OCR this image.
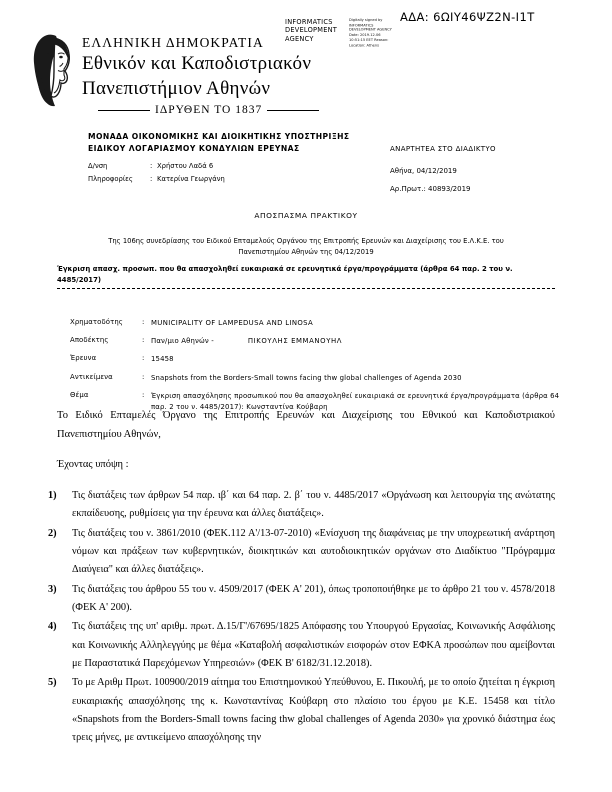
ΑΔΑ: 6ΩΙΥ46ΨΖ2Ν-Ι1Τ
INFORMATICS DEVELOPMENT AGENCY
Digitally signed by INFORMATICS DEVELOPMENT AGENCY Date: 2019.12.06 10:51:15 EET Reason: Location: Athens
ΕΛΛΗΝΙΚΗ ΔΗΜΟΚΡΑΤΙΑ
Εθνικόν και Καποδιστριακόν
Πανεπιστήμιον Αθηνών
ΙΔΡΥΘΕΝ ΤΟ 1837
ΜΟΝΑΔΑ ΟΙΚΟΝΟΜΙΚΗΣ ΚΑΙ ΔΙΟΙΚΗΤΙΚΗΣ ΥΠΟΣΤΗΡΙΞΗΣ
ΕΙΔΙΚΟΥ ΛΟΓΑΡΙΑΣΜΟΥ ΚΟΝΔΥΛΙΩΝ ΕΡΕΥΝΑΣ
Δ/νση	: Χρήστου Λαδά 6
Πληροφορίες	: Κατερίνα Γεωργάνη
ΑΝΑΡΤΗΤΕΑ ΣΤΟ ΔΙΑΔΙΚΤΥΟ
Αθήνα, 04/12/2019
Αρ.Πρωτ.: 40893/2019
ΑΠΟΣΠΑΣΜΑ ΠΡΑΚΤΙΚΟΥ
Της 106ης συνεδρίασης του Ειδικού Επταμελούς Οργάνου της Επιτροπής Ερευνών και Διαχείρισης του Ε.Λ.Κ.Ε. του Πανεπιστημίου Αθηνών της 04/12/2019
Έγκριση απασχ. προσωπ. που θα απασχοληθεί ευκαιριακά σε ερευνητικά έργα/προγράμματα (άρθρα 64 παρ. 2 του ν. 4485/2017)
Χρηματοδότης	: MUNICIPALITY OF LAMPEDUSA AND LINOSA
Αποδέκτης	: Παν/μιο Αθηνών -	ΠΙΚΟΥΛΗΣ ΕΜΜΑΝΟΥΗΛ
Έρευνα	: 15458
Αντικείμενα	: Snapshots from the Borders-Small towns facing thw global challenges of Agenda 2030
Θέμα	: Έγκριση απασχόλησης προσωπικού που θα απασχοληθεί ευκαιριακά σε ερευνητικά έργα/προγράμματα (άρθρα 64 παρ. 2 του ν. 4485/2017): Κωνσταντίνα Κούβαρη
Το Ειδικό Επταμελές Όργανο της Επιτροπής Ερευνών και Διαχείρισης του Εθνικού και Καποδιστριακού Πανεπιστημίου Αθηνών,
Έχοντας υπόψη :
1)	Τις διατάξεις των άρθρων 54 παρ. ιβ΄ και 64 παρ. 2. β΄ του ν. 4485/2017 «Οργάνωση και λειτουργία της ανώτατης εκπαίδευσης, ρυθμίσεις για την έρευνα και άλλες διατάξεις».
2)	Τις διατάξεις του ν. 3861/2010 (ΦΕΚ.112 Α'/13-07-2010) «Ενίσχυση της διαφάνειας με την υποχρεωτική ανάρτηση νόμων και πράξεων των κυβερνητικών, διοικητικών και αυτοδιοικητικών οργάνων στο Διαδίκτυο "Πρόγραμμα Διαύγεια" και άλλες διατάξεις».
3)	Τις διατάξεις του άρθρου 55 του ν. 4509/2017 (ΦΕΚ Α' 201), όπως τροποποιήθηκε με το άρθρο 21 του ν. 4578/2018 (ΦΕΚ Α' 200).
4)	Τις διατάξεις της υπ' αριθμ. πρωτ. Δ.15/Γ'/67695/1825 Απόφασης του Υπουργού Εργασίας, Κοινωνικής Ασφάλισης και Κοινωνικής Αλληλεγγύης με θέμα «Καταβολή ασφαλιστικών εισφορών στον ΕΦΚΑ προσώπων που αμείβονται με Παραστατικά Παρεχόμενων Υπηρεσιών» (ΦΕΚ Β' 6182/31.12.2018).
5)	Το με Αριθμ Πρωτ. 100900/2019 αίτημα του Επιστημονικού Υπεύθυνου, Ε. Πικουλή, με το οποίο ζητείται η έγκριση ευκαιριακής απασχόλησης της κ. Κωνσταντίνας Κούβαρη στο πλαίσιο του έργου με Κ.Ε. 15458 και τίτλο «Snapshots from the Borders-Small towns facing thw global challenges of Agenda 2030» για χρονικό διάστημα έως τρεις μήνες, με αντικείμενο απασχόλησης την
